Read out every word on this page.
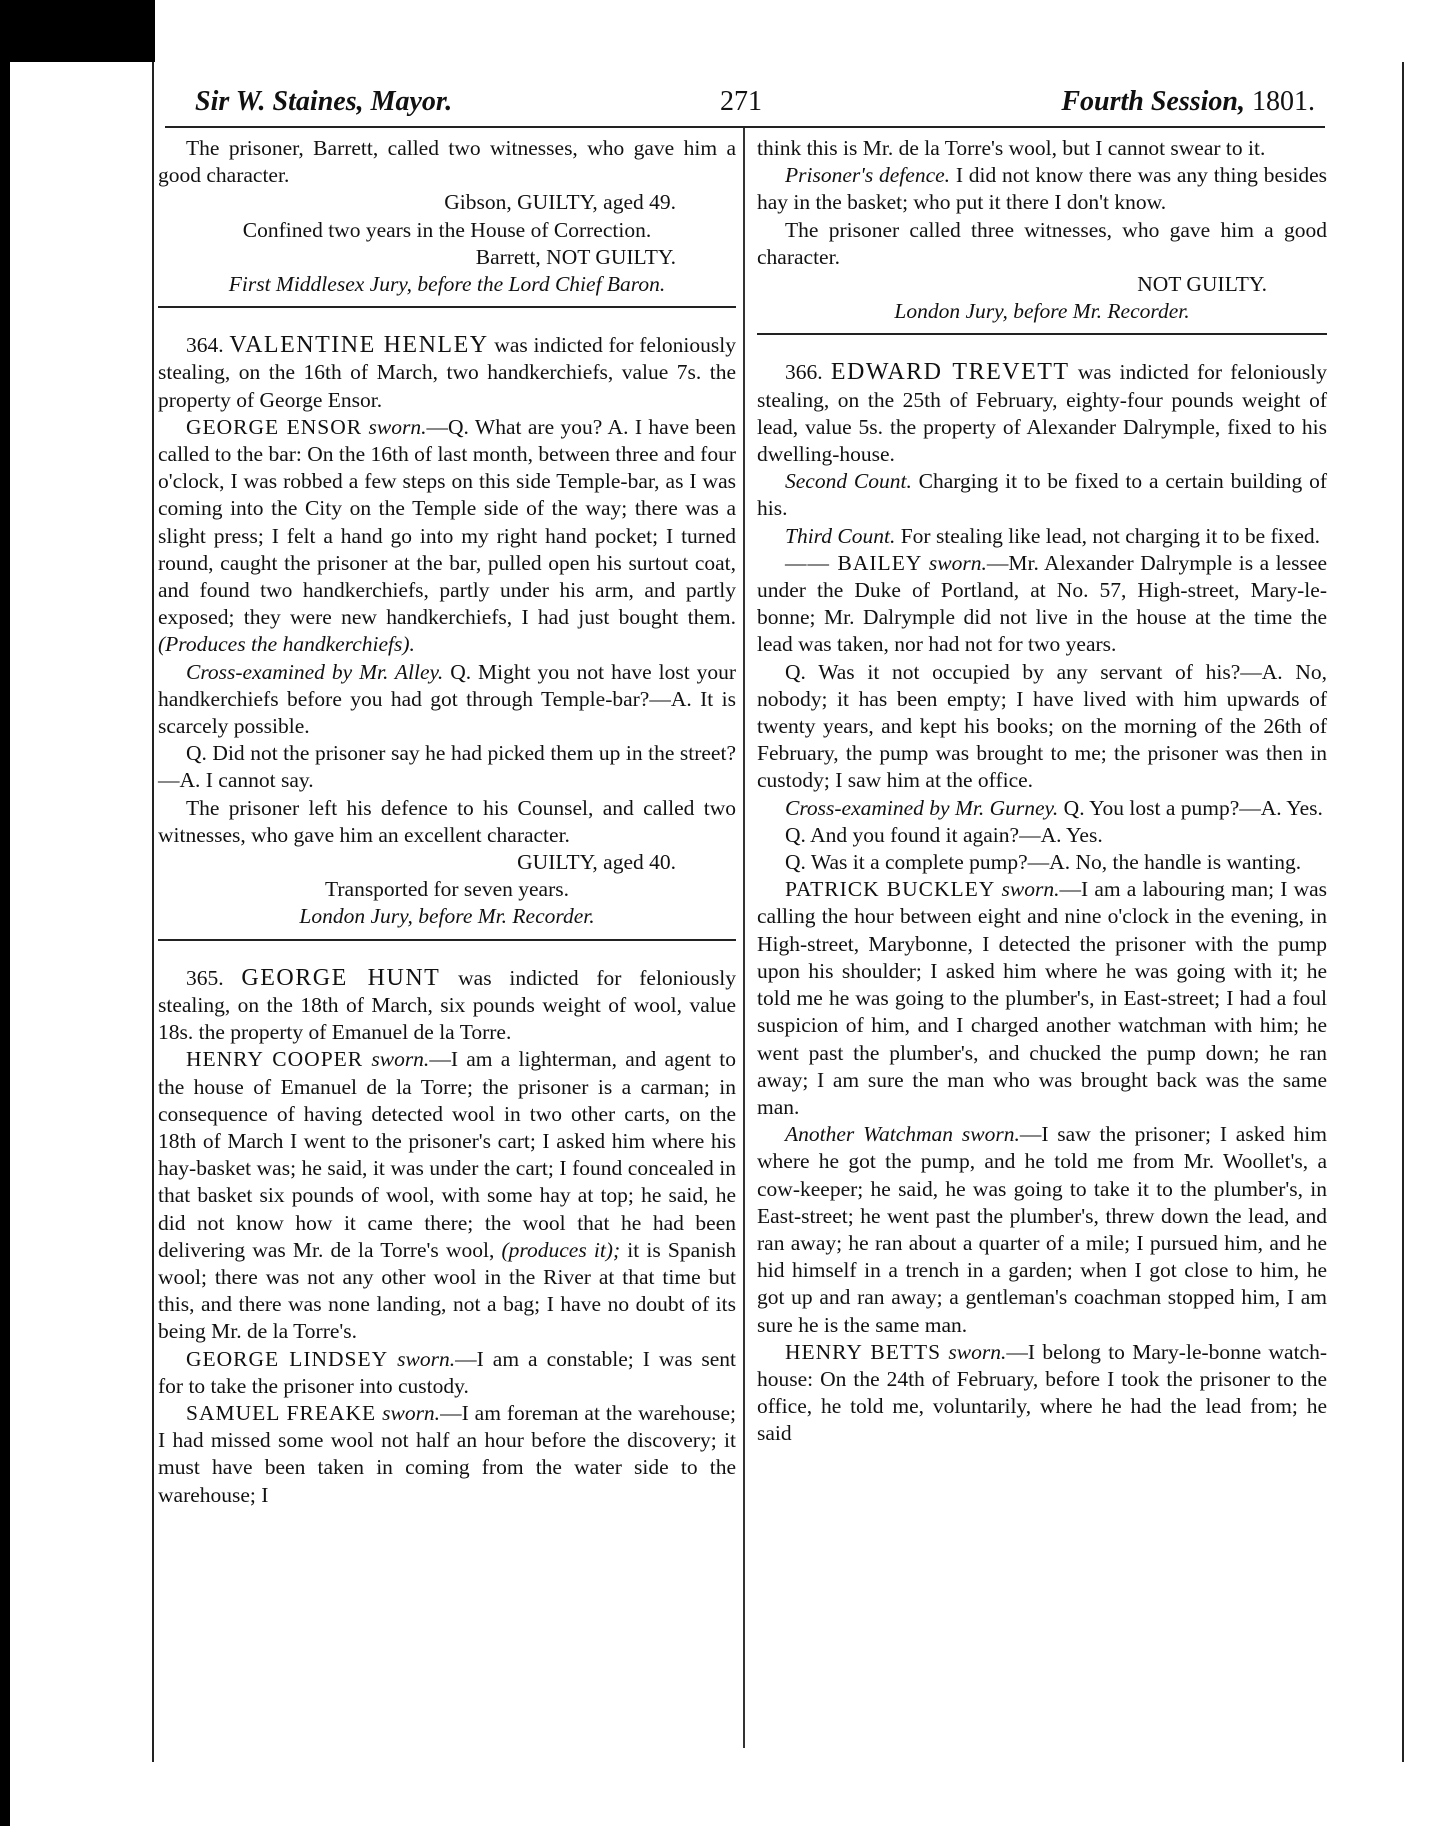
Sir W. Staines, Mayor.	271	Fourth Session, 1801.

The prisoner, Barrett, called two witnesses, who gave him a good character.

Gibson, GUILTY, aged 49.

Confined two years in the House of Correction.

Barrett, NOT GUILTY.

First Middlesex Jury, before the Lord Chief Baron.

364. VALENTINE HENLEY was indicted for feloniously stealing, on the 16th of March, two handkerchiefs, value 7s. the property of George Ensor.

GEORGE ENSOR sworn.—Q. What are you? A. I have been called to the bar: On the 16th of last month, between three and four o'clock, I was robbed a few steps on this side Temple-bar, as I was coming into the City on the Temple side of the way; there was a slight press; I felt a hand go into my right hand pocket; I turned round, caught the prisoner at the bar, pulled open his surtout coat, and found two handkerchiefs, partly under his arm, and partly exposed; they were new handkerchiefs, I had just bought them. (Produces the handkerchiefs).

Cross-examined by Mr. Alley. Q. Might you not have lost your handkerchiefs before you had got through Temple-bar?—A. It is scarcely possible.

Q. Did not the prisoner say he had picked them up in the street?—A. I cannot say.

The prisoner left his defence to his Counsel, and called two witnesses, who gave him an excellent character.

GUILTY, aged 40.

Transported for seven years.

London Jury, before Mr. Recorder.

365. GEORGE HUNT was indicted for feloniously stealing, on the 18th of March, six pounds weight of wool, value 18s. the property of Emanuel de la Torre.

HENRY COOPER sworn.—I am a lighterman, and agent to the house of Emanuel de la Torre; the prisoner is a carman; in consequence of having detected wool in two other carts, on the 18th of March I went to the prisoner's cart; I asked him where his hay-basket was; he said, it was under the cart; I found concealed in that basket six pounds of wool, with some hay at top; he said, he did not know how it came there; the wool that he had been delivering was Mr. de la Torre's wool, (produces it); it is Spanish wool; there was not any other wool in the River at that time but this, and there was none landing, not a bag; I have no doubt of its being Mr. de la Torre's.

GEORGE LINDSEY sworn.—I am a constable; I was sent for to take the prisoner into custody.

SAMUEL FREAKE sworn.—I am foreman at the warehouse; I had missed some wool not half an hour before the discovery; it must have been taken in coming from the water side to the warehouse; I

think this is Mr. de la Torre's wool, but I cannot swear to it.

Prisoner's defence. I did not know there was any thing besides hay in the basket; who put it there I don't know.

The prisoner called three witnesses, who gave him a good character.

NOT GUILTY.

London Jury, before Mr. Recorder.

366. EDWARD TREVETT was indicted for feloniously stealing, on the 25th of February, eighty-four pounds weight of lead, value 5s. the property of Alexander Dalrymple, fixed to his dwelling-house.

Second Count. Charging it to be fixed to a certain building of his.

Third Count. For stealing like lead, not charging it to be fixed.

—— BAILEY sworn.—Mr. Alexander Dalrymple is a lessee under the Duke of Portland, at No. 57, High-street, Mary-le-bonne; Mr. Dalrymple did not live in the house at the time the lead was taken, nor had not for two years.

Q. Was it not occupied by any servant of his?—A. No, nobody; it has been empty; I have lived with him upwards of twenty years, and kept his books; on the morning of the 26th of February, the pump was brought to me; the prisoner was then in custody; I saw him at the office.

Cross-examined by Mr. Gurney. Q. You lost a pump?—A. Yes.

Q. And you found it again?—A. Yes.

Q. Was it a complete pump?—A. No, the handle is wanting.

PATRICK BUCKLEY sworn.—I am a labouring man; I was calling the hour between eight and nine o'clock in the evening, in High-street, Marybonne, I detected the prisoner with the pump upon his shoulder; I asked him where he was going with it; he told me he was going to the plumber's, in East-street; I had a foul suspicion of him, and I charged another watchman with him; he went past the plumber's, and chucked the pump down; he ran away; I am sure the man who was brought back was the same man.

Another Watchman sworn.—I saw the prisoner; I asked him where he got the pump, and he told me from Mr. Woollet's, a cow-keeper; he said, he was going to take it to the plumber's, in East-street; he went past the plumber's, threw down the lead, and ran away; he ran about a quarter of a mile; I pursued him, and he hid himself in a trench in a garden; when I got close to him, he got up and ran away; a gentleman's coachman stopped him, I am sure he is the same man.

HENRY BETTS sworn.—I belong to Mary-le-bonne watch-house: On the 24th of February, before I took the prisoner to the office, he told me, voluntarily, where he had the lead from; he said
